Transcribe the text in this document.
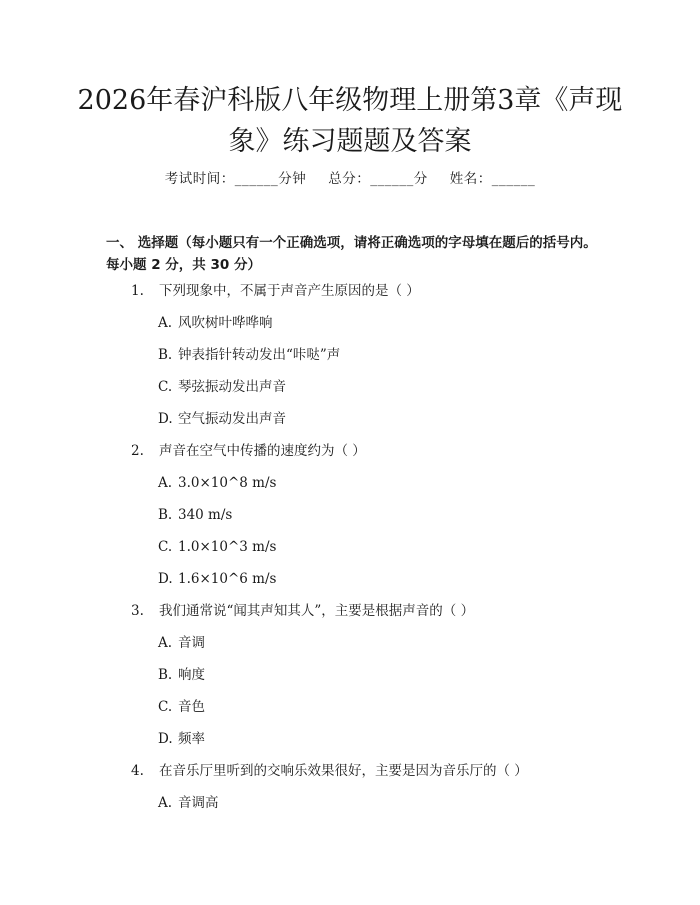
2026年春沪科版八年级物理上册第3章《声现象》练习题题及答案
考试时间：______分钟 总分：______分 姓名：______
一、 选择题（每小题只有一个正确选项，请将正确选项的字母填在题后的括号内。每小题 2 分，共 30 分）
1. 下列现象中，不属于声音产生原因的是（ ）
A. 风吹树叶哗哗响
B. 钟表指针转动发出“咔哒”声
C. 琴弦振动发出声音
D. 空气振动发出声音
2. 声音在空气中传播的速度约为（ ）
A. 3.0×10^8 m/s
B. 340 m/s
C. 1.0×10^3 m/s
D. 1.6×10^6 m/s
3. 我们通常说“闻其声知其人”，主要是根据声音的（ ）
A. 音调
B. 响度
C. 音色
D. 频率
4. 在音乐厅里听到的交响乐效果很好，主要是因为音乐厅的（ ）
A. 音调高
